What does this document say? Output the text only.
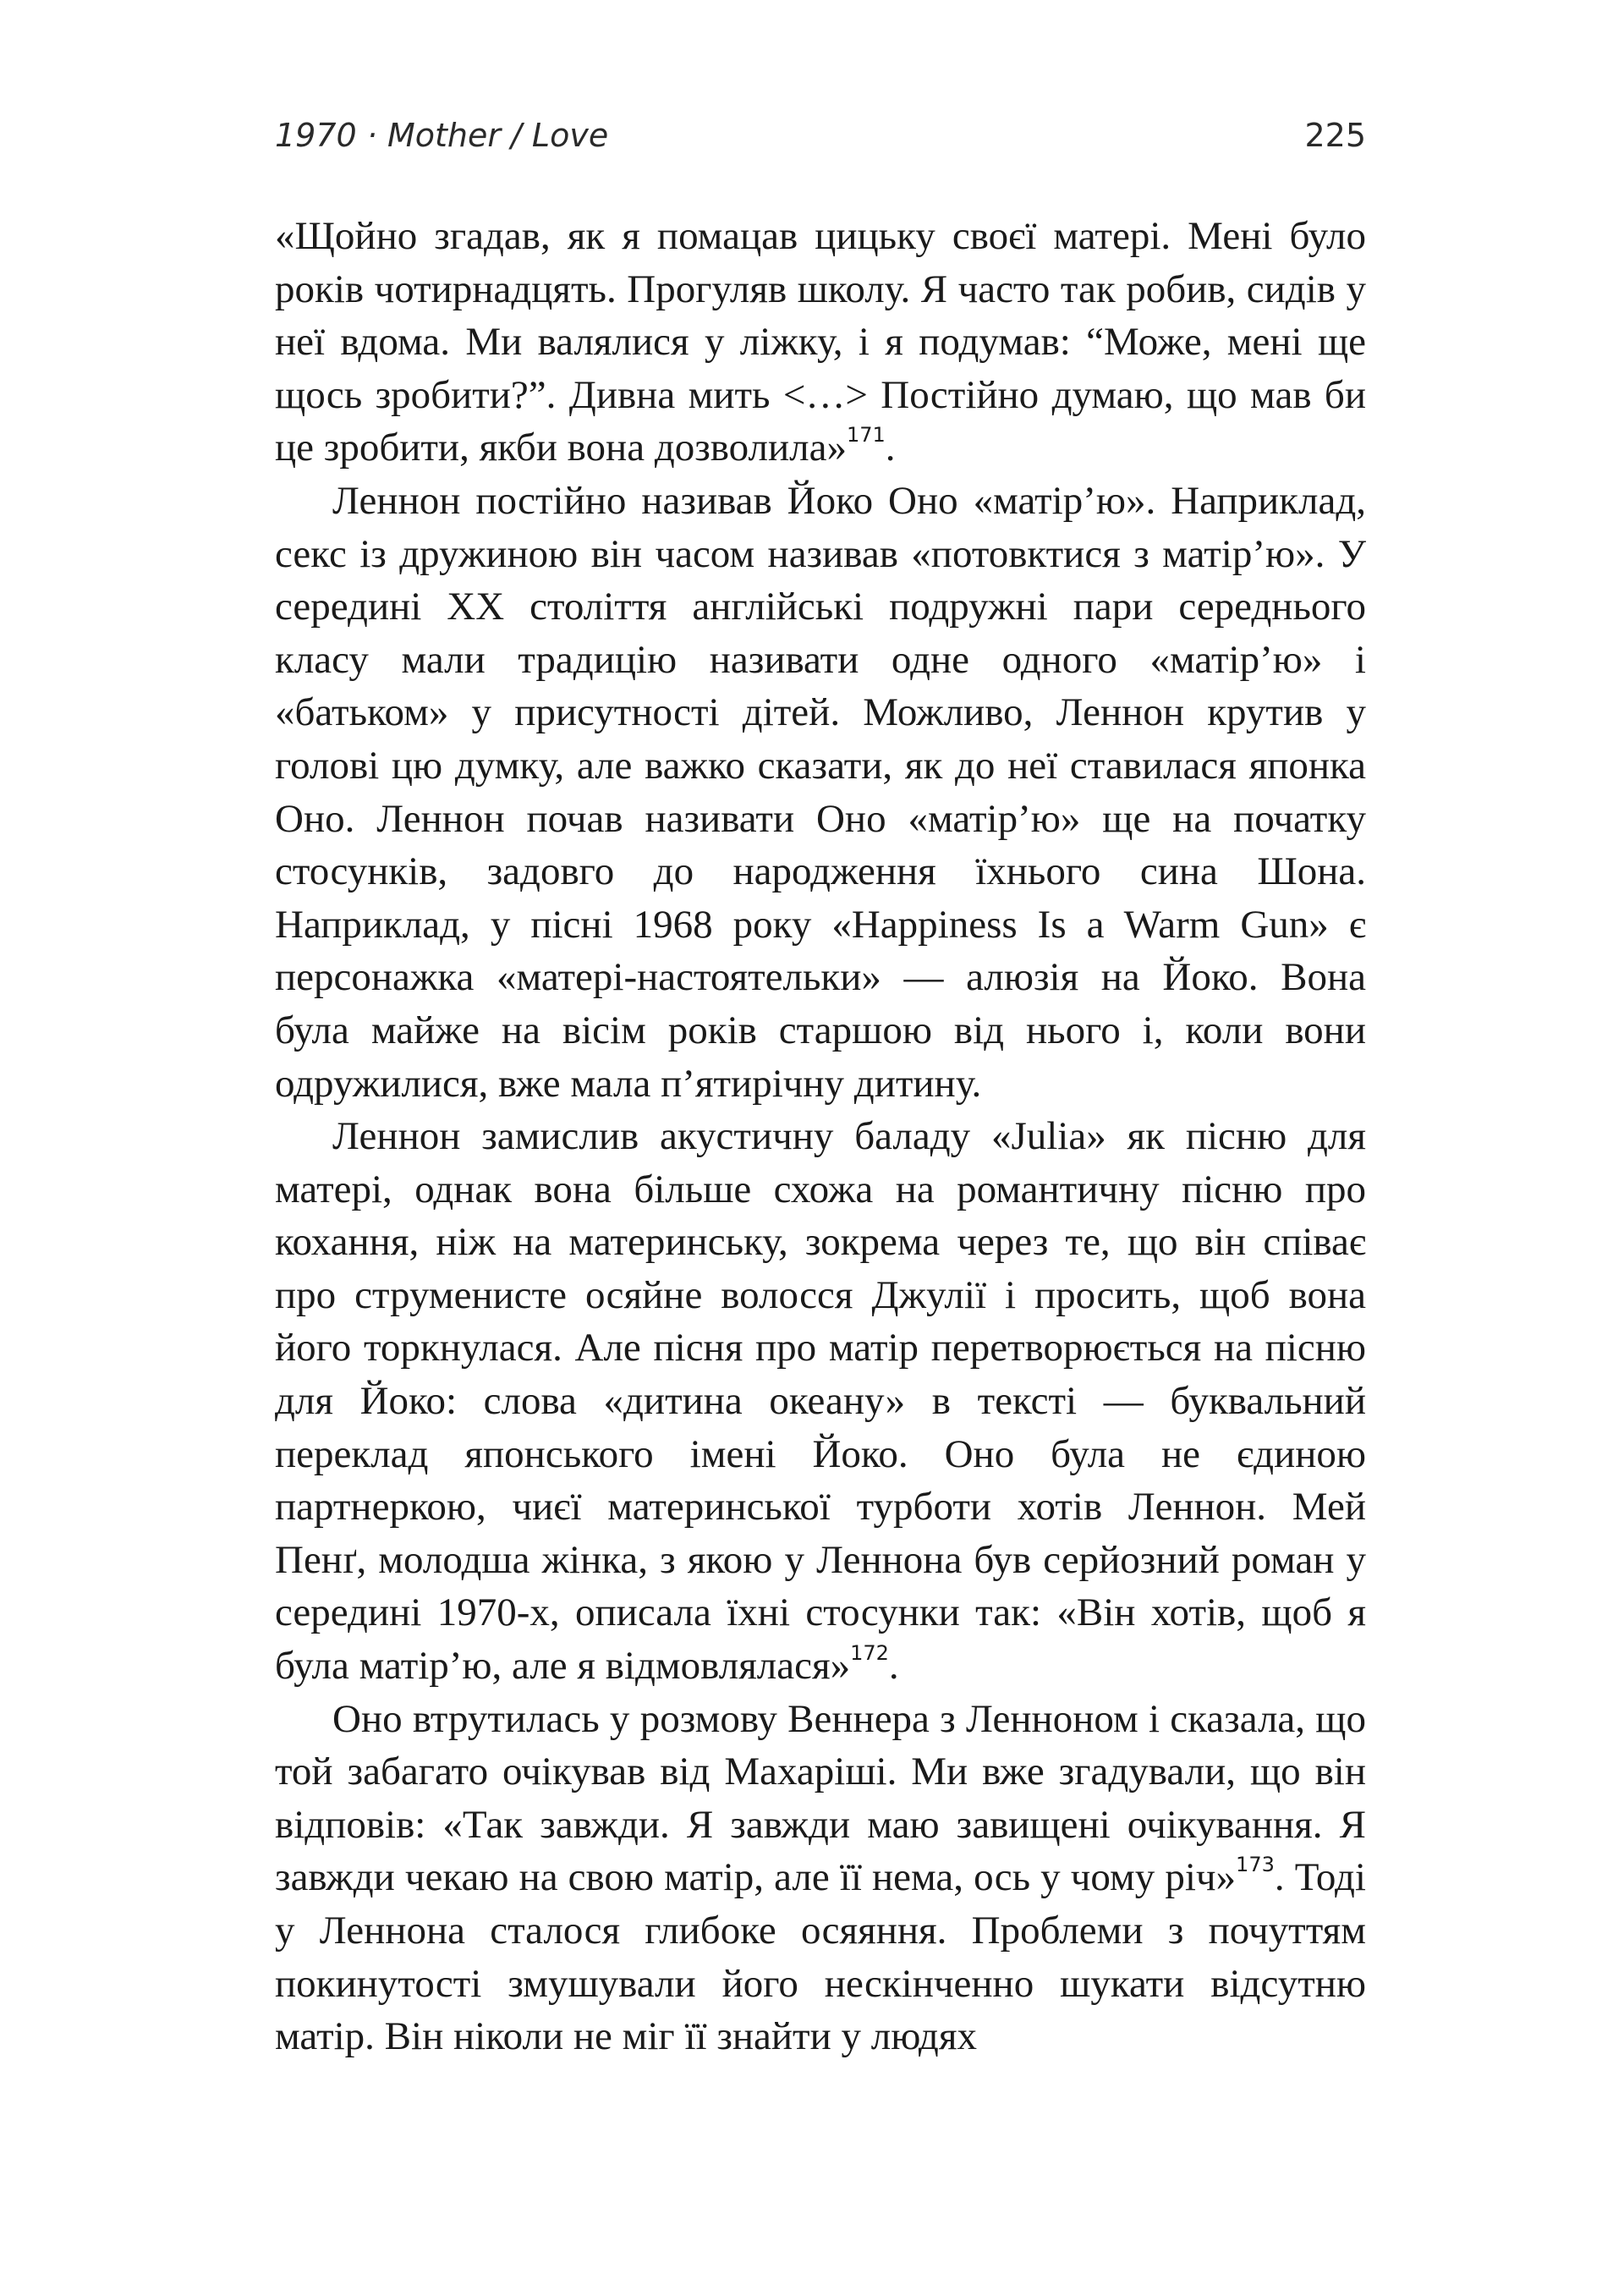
1970 · Mother / Love	225

«Щойно згадав, як я помацав цицьку своєї матері. Мені було років чотирнадцять. Прогуляв школу. Я часто так робив, сидів у неї вдома. Ми валялися у ліжку, і я подумав: “Може, мені ще щось зробити?”. Дивна мить <…> Постійно думаю, що мав би це зробити, якби вона дозволила»$^{171}$.

Леннон постійно називав Йоко Оно «матір’ю». Наприклад, секс із дружиною він часом називав «потовктися з матір’ю». У середині XX століття англійські подружні пари середнього класу мали традицію називати одне одного «матір’ю» і «батьком» у присутності дітей. Можливо, Леннон крутив у голові цю думку, але важко сказати, як до неї ставилася японка Оно. Леннон почав називати Оно «матір’ю» ще на початку стосунків, задовго до народження їхнього сина Шона. Наприклад, у пісні 1968 року «Happiness Is a Warm Gun» є персонажка «матері-настоятельки» — алюзія на Йоко. Вона була майже на вісім років старшою від нього і, коли вони одружилися, вже мала п’ятирічну дитину.

Леннон замислив акустичну баладу «Julia» як пісню для матері, однак вона більше схожа на романтичну пісню про кохання, ніж на материнську, зокрема через те, що він співає про струменисте осяйне волосся Джулії і просить, щоб вона його торкнулася. Але пісня про матір перетворюється на пісню для Йоко: слова «дитина океану» в тексті — буквальний переклад японського імені Йоко. Оно була не єдиною партнеркою, чиєї материнської турботи хотів Леннон. Мей Пенґ, молодша жінка, з якою у Леннона був серйозний роман у середині 1970-х, описала їхні стосунки так: «Він хотів, щоб я була матір’ю, але я відмовлялася»$^{172}$.

Оно втрутилась у розмову Веннера з Ленноном і сказала, що той забагато очікував від Махаріші. Ми вже згадували, що він відповів: «Так завжди. Я завжди маю завищені очікування. Я завжди чекаю на свою матір, але її нема, ось у чому річ»$^{173}$. Тоді у Леннона сталося глибоке осяяння. Проблеми з почуттям покинутості змушували його нескінченно шукати відсутню матір. Він ніколи не міг її знайти у людях
